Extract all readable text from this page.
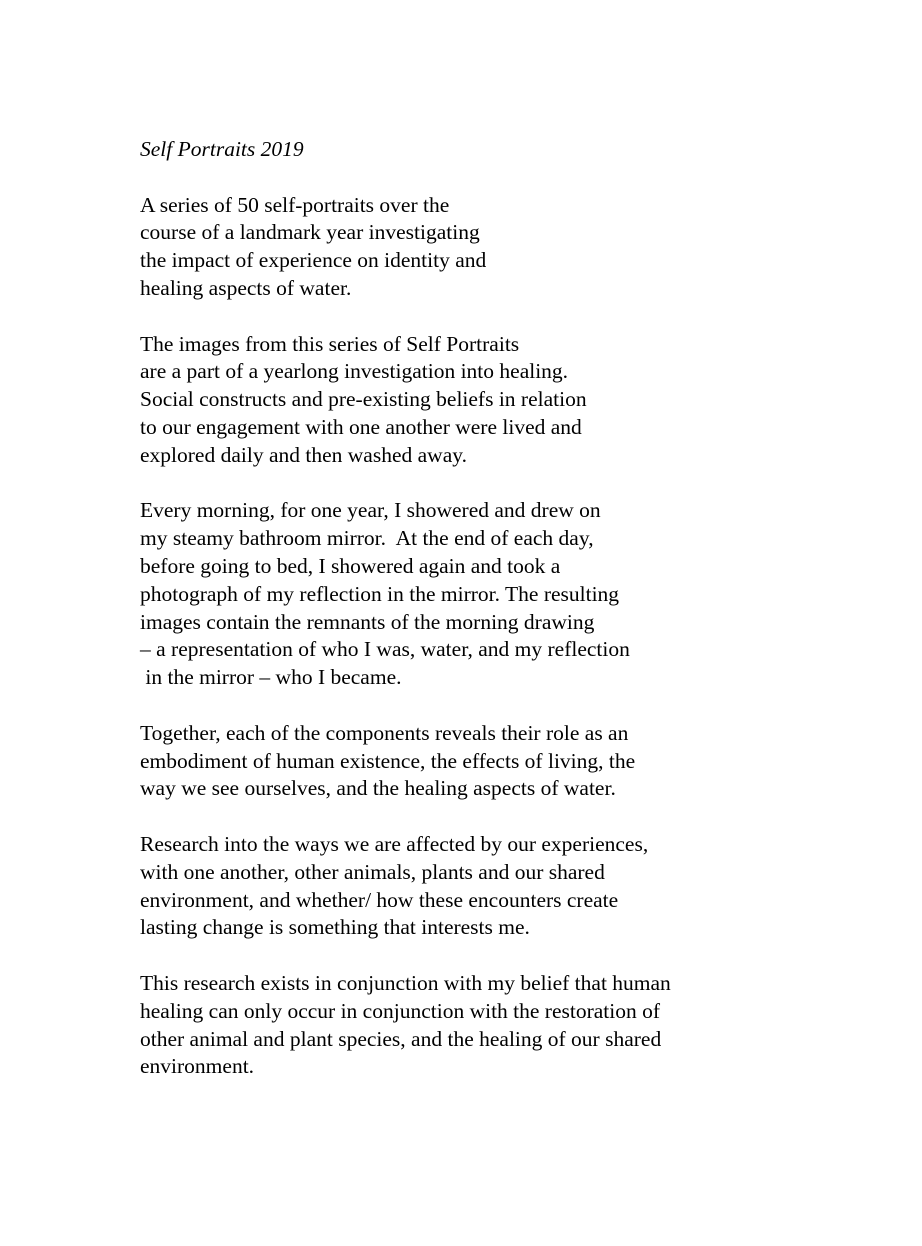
Self Portraits 2019
A series of 50 self-portraits over the
course of a landmark year investigating
the impact of experience on identity and
healing aspects of water.
The images from this series of Self Portraits
are a part of a yearlong investigation into healing.
Social constructs and pre-existing beliefs in relation
to our engagement with one another were lived and
explored daily and then washed away.
Every morning, for one year, I showered and drew on
my steamy bathroom mirror.  At the end of each day,
before going to bed, I showered again and took a
photograph of my reflection in the mirror. The resulting
images contain the remnants of the morning drawing
– a representation of who I was, water, and my reflection
in the mirror – who I became.
Together, each of the components reveals their role as an
embodiment of human existence, the effects of living, the
way we see ourselves, and the healing aspects of water.
Research into the ways we are affected by our experiences,
with one another, other animals, plants and our shared
environment, and whether/ how these encounters create
lasting change is something that interests me.
This research exists in conjunction with my belief that human
healing can only occur in conjunction with the restoration of
other animal and plant species, and the healing of our shared
environment.
